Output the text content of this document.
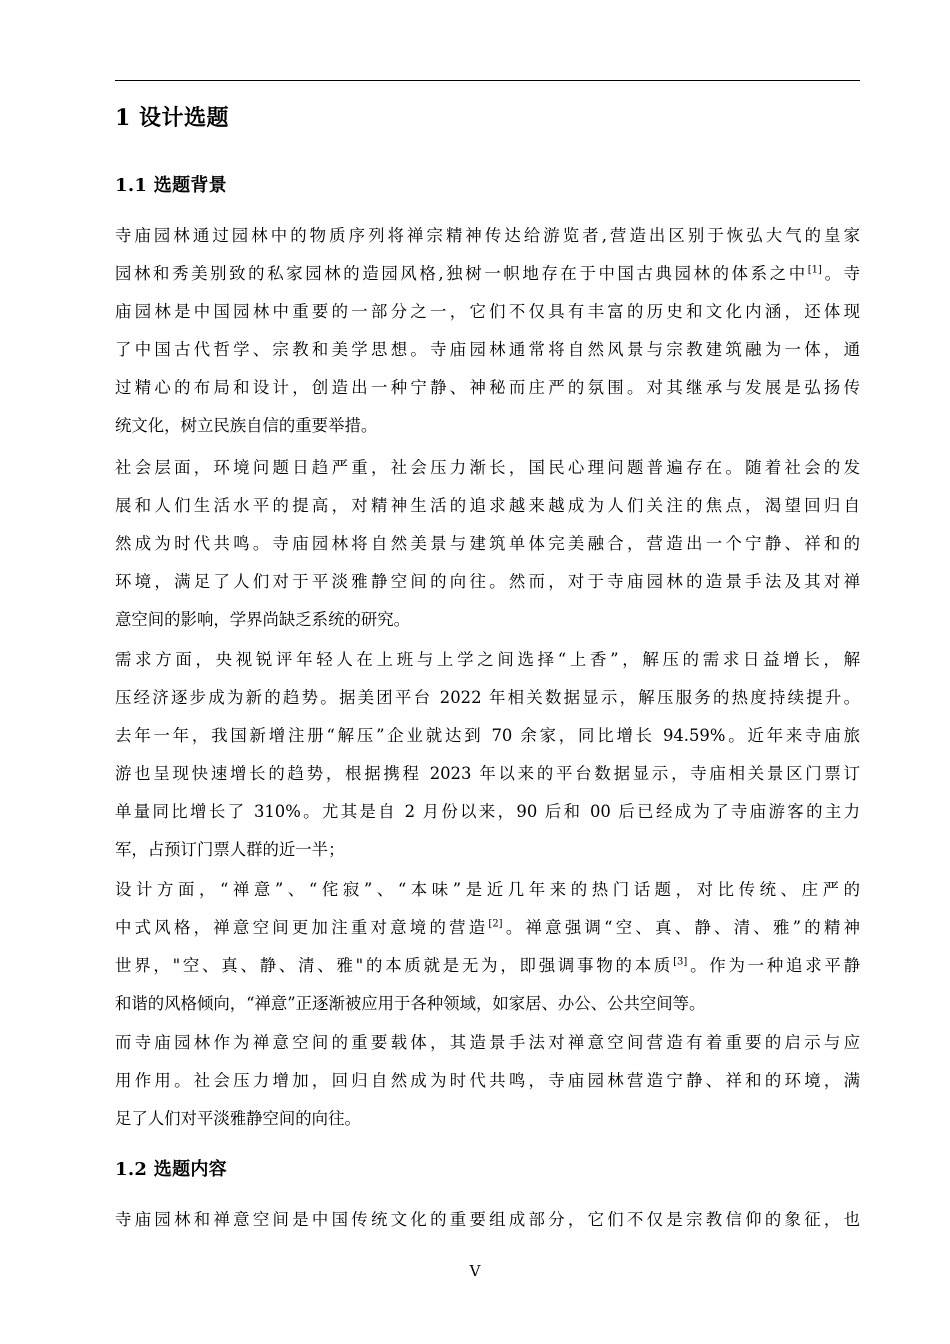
1 设计选题
1.1 选题背景
寺庙园林通过园林中的物质序列将禅宗精神传达给游览者,营造出区别于恢弘大气的皇家
园林和秀美别致的私家园林的造园风格,独树一帜地存在于中国古典园林的体系之中[1]。寺
庙园林是中国园林中重要的一部分之一，它们不仅具有丰富的历史和文化内涵，还体现
了中国古代哲学、宗教和美学思想。寺庙园林通常将自然风景与宗教建筑融为一体，通
过精心的布局和设计，创造出一种宁静、神秘而庄严的氛围。对其继承与发展是弘扬传
统文化，树立民族自信的重要举措。
社会层面，环境问题日趋严重，社会压力渐长，国民心理问题普遍存在。随着社会的发
展和人们生活水平的提高，对精神生活的追求越来越成为人们关注的焦点，渴望回归自
然成为时代共鸣。寺庙园林将自然美景与建筑单体完美融合，营造出一个宁静、祥和的
环境，满足了人们对于平淡雅静空间的向往。然而，对于寺庙园林的造景手法及其对禅
意空间的影响，学界尚缺乏系统的研究。
需求方面，央视锐评年轻人在上班与上学之间选择“上香”，解压的需求日益增长，解
压经济逐步成为新的趋势。据美团平台 2022 年相关数据显示，解压服务的热度持续提升。
去年一年，我国新增注册“解压”企业就达到 70 余家，同比增长 94.59%。近年来寺庙旅
游也呈现快速增长的趋势，根据携程 2023 年以来的平台数据显示，寺庙相关景区门票订
单量同比增长了 310%。尤其是自 2 月份以来，90 后和 00 后已经成为了寺庙游客的主力
军，占预订门票人群的近一半；
设计方面，“禅意”、“侘寂”、“本味”是近几年来的热门话题，对比传统、庄严的
中式风格，禅意空间更加注重对意境的营造[2]。禅意强调“空、真、静、清、雅”的精神
世界，"空、真、静、清、雅"的本质就是无为，即强调事物的本质[3]。作为一种追求平静
和谐的风格倾向，“禅意”正逐渐被应用于各种领域，如家居、办公、公共空间等。
而寺庙园林作为禅意空间的重要载体，其造景手法对禅意空间营造有着重要的启示与应
用作用。社会压力增加，回归自然成为时代共鸣，寺庙园林营造宁静、祥和的环境，满
足了人们对平淡雅静空间的向往。
1.2 选题内容
寺庙园林和禅意空间是中国传统文化的重要组成部分，它们不仅是宗教信仰的象征，也
V
